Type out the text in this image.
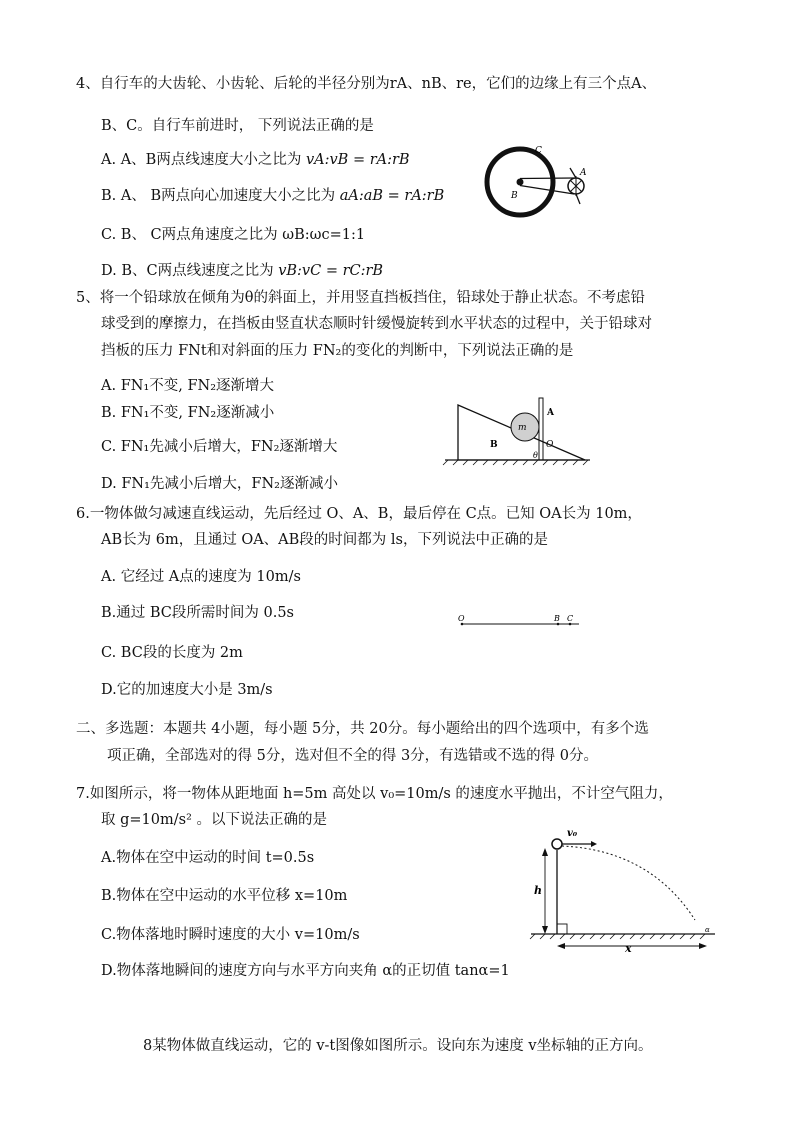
4、自行车的大齿轮、小齿轮、后轮的半径分别为rA、nB、re，它们的边缘上有三个点A、
B、C。自行车前进时， 下列说法正确的是
A. A、B两点线速度大小之比为 vA:vB = rA:rB
B. A、 B两点向心加速度大小之比为 aA:aB = rA:rB
C. B、 C两点角速度之比为 ωB:ωc=1:1
D. B、C两点线速度之比为 vB:vC = rC:rB
C
A
B
5、将一个铅球放在倾角为θ的斜面上，并用竖直挡板挡住，铅球处于静止状态。不考虑铅
球受到的摩擦力，在挡板由竖直状态顺时针缓慢旋转到水平状态的过程中，关于铅球对
挡板的压力 FNt和对斜面的压力 FN₂的变化的判断中，下列说法正确的是
A. FN₁不变, FN₂逐渐增大
B. FN₁不变, FN₂逐渐减小
C. FN₁先减小后增大，FN₂逐渐增大
D. FN₁先减小后增大，FN₂逐渐减小
A
B
m
O
θ
6.一物体做匀减速直线运动，先后经过 O、A、B，最后停在 C点。已知 OA长为 10m，
AB长为 6m，且通过 OA、AB段的时间都为 ls，下列说法中正确的是
A. 它经过 A点的速度为 10m/s
B.通过 BC段所需时间为 0.5s
C. BC段的长度为 2m
D.它的加速度大小是 3m/s
O	B C
二、多选题：本题共 4小题，每小题 5分，共 20分。每小题给出的四个选项中，有多个选
项正确，全部选对的得 5分，选对但不全的得 3分，有选错或不选的得 0分。
7.如图所示，将一物体从距地面 h=5m 高处以 v₀=10m/s 的速度水平抛出，不计空气阻力，
取 g=10m/s² 。以下说法正确的是
A.物体在空中运动的时间 t=0.5s
B.物体在空中运动的水平位移 x=10m
C.物体落地时瞬时速度的大小 v=10m/s
D.物体落地瞬间的速度方向与水平方向夹角 α的正切值 tanα=1
v₀
h
x
α
8某物体做直线运动，它的 v-t图像如图所示。设向东为速度 v坐标轴的正方向。
